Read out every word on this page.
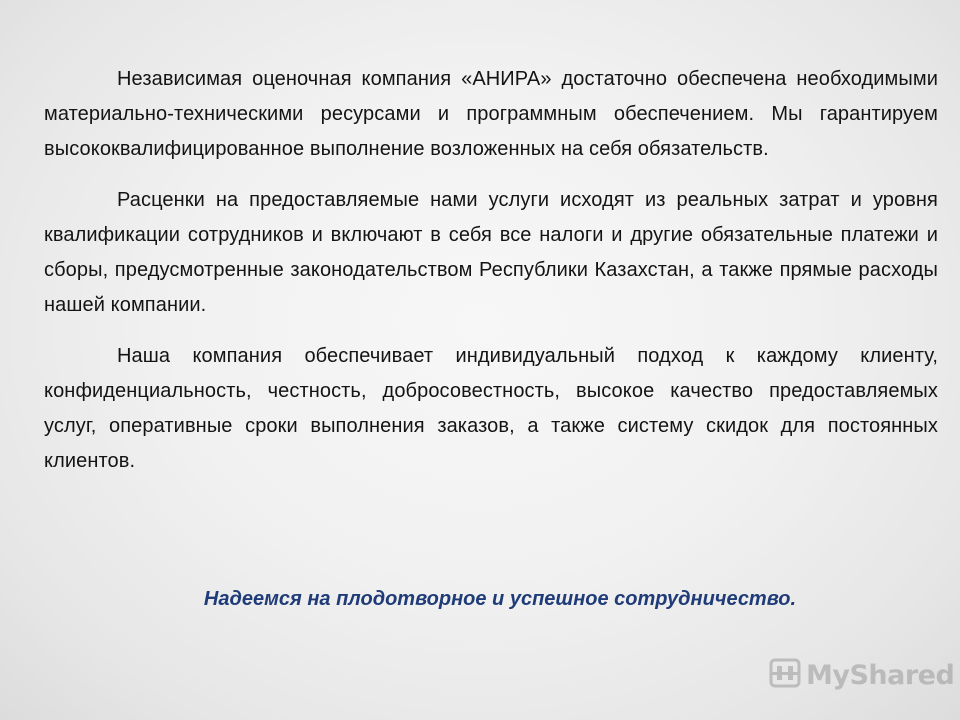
Независимая оценочная компания «АНИРА» достаточно обеспечена необходимыми материально-техническими ресурсами и программным обеспечением. Мы гарантируем высококвалифицированное выполнение возложенных на себя обязательств.

Расценки на предоставляемые нами услуги исходят из реальных затрат и уровня квалификации сотрудников и включают в себя все налоги и другие обязательные платежи и сборы, предусмотренные законодательством Республики Казахстан, а также прямые расходы нашей компании.

Наша компания обеспечивает индивидуальный подход к каждому клиенту, конфиденциальность, честность, добросовестность, высокое качество предоставляемых услуг, оперативные сроки выполнения заказов, а также систему скидок для постоянных клиентов.

Надеемся на плодотворное и успешное сотрудничество.
MyShared
